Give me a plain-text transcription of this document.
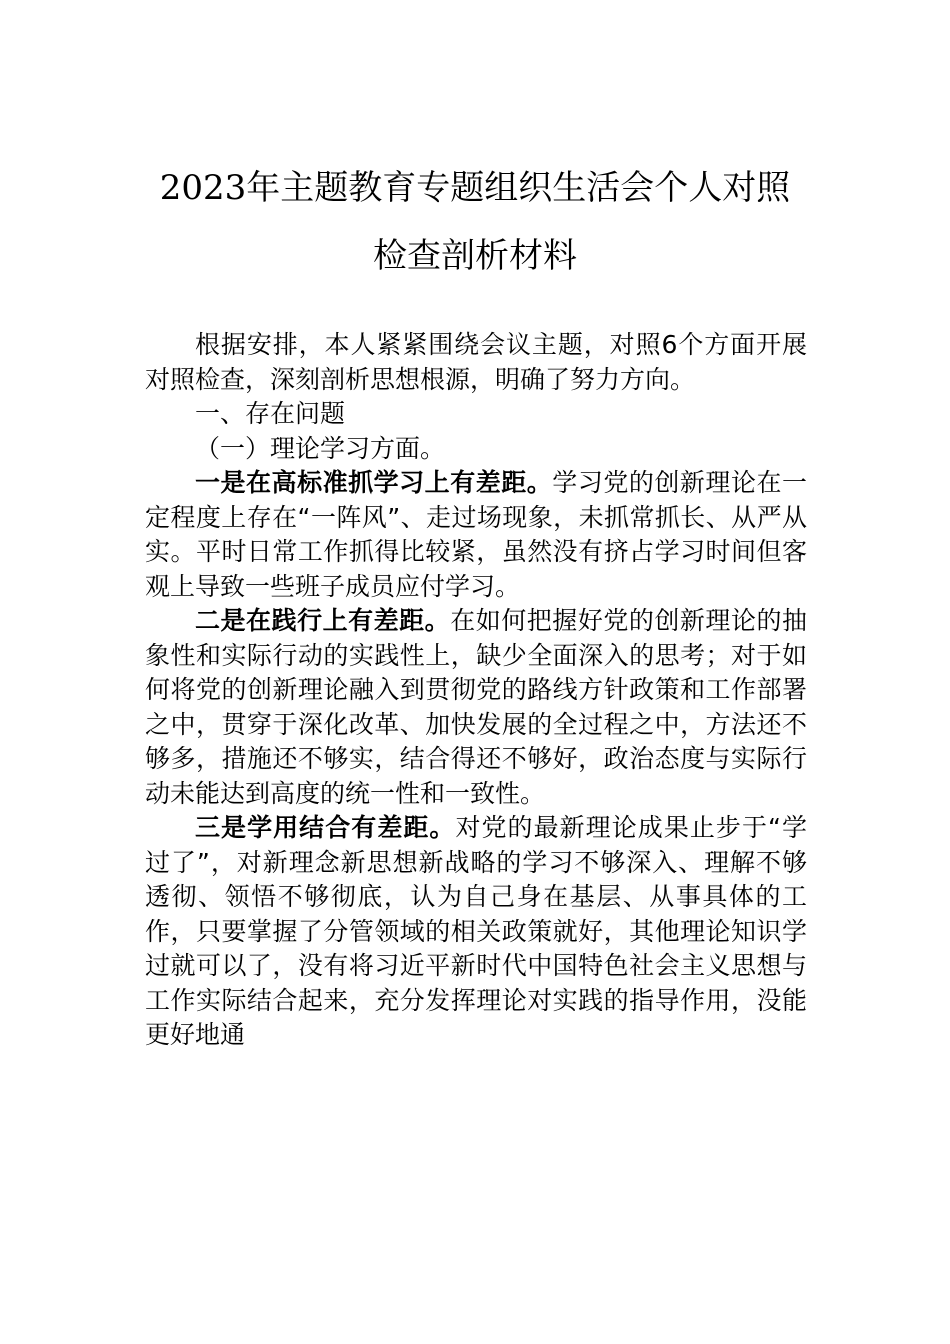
2023年主题教育专题组织生活会个人对照
检查剖析材料

根据安排，本人紧紧围绕会议主题，对照6个方面开展对照检查，深刻剖析思想根源，明确了努力方向。

一、存在问题

（一）理论学习方面。

一是在高标准抓学习上有差距。学习党的创新理论在一定程度上存在“一阵风”、走过场现象，未抓常抓长、从严从实。平时日常工作抓得比较紧，虽然没有挤占学习时间但客观上导致一些班子成员应付学习。

二是在践行上有差距。在如何把握好党的创新理论的抽象性和实际行动的实践性上，缺少全面深入的思考；对于如何将党的创新理论融入到贯彻党的路线方针政策和工作部署之中，贯穿于深化改革、加快发展的全过程之中，方法还不够多，措施还不够实，结合得还不够好，政治态度与实际行动未能达到高度的统一性和一致性。

三是学用结合有差距。对党的最新理论成果止步于“学过了”，对新理念新思想新战略的学习不够深入、理解不够透彻、领悟不够彻底，认为自己身在基层、从事具体的工作，只要掌握了分管领域的相关政策就好，其他理论知识学过就可以了，没有将习近平新时代中国特色社会主义思想与工作实际结合起来，充分发挥理论对实践的指导作用，没能更好地通
